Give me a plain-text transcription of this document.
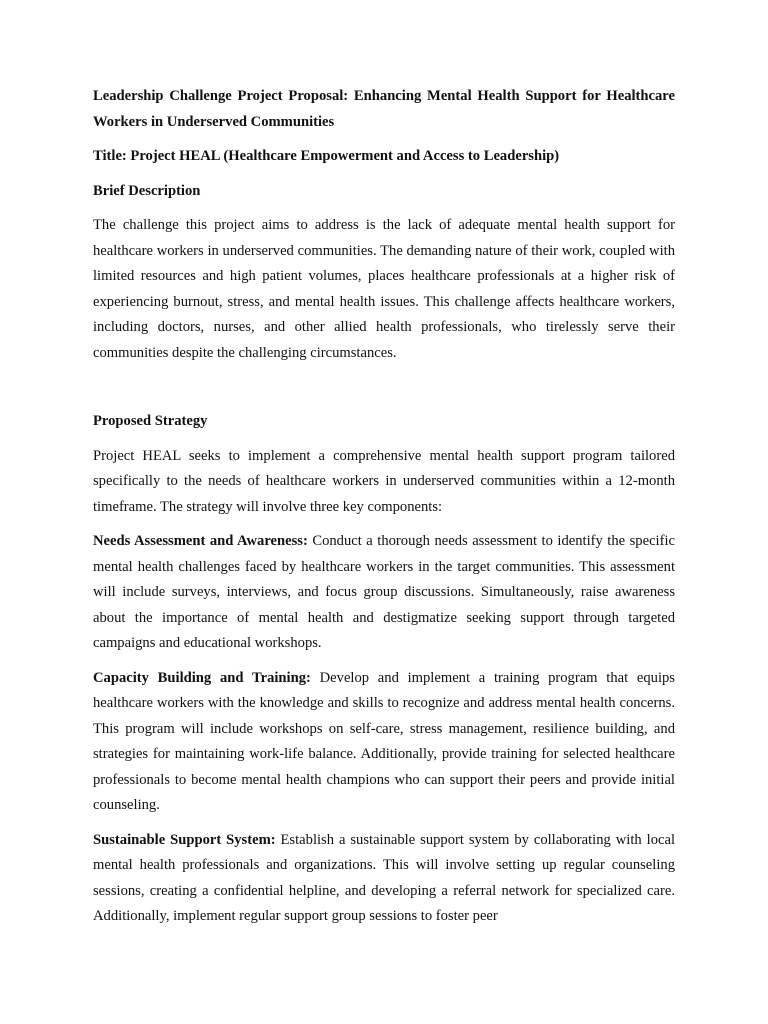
Leadership Challenge Project Proposal: Enhancing Mental Health Support for Healthcare Workers in Underserved Communities

Title: Project HEAL (Healthcare Empowerment and Access to Leadership)

Brief Description

The challenge this project aims to address is the lack of adequate mental health support for healthcare workers in underserved communities. The demanding nature of their work, coupled with limited resources and high patient volumes, places healthcare professionals at a higher risk of experiencing burnout, stress, and mental health issues. This challenge affects healthcare workers, including doctors, nurses, and other allied health professionals, who tirelessly serve their communities despite the challenging circumstances.

Proposed Strategy

Project HEAL seeks to implement a comprehensive mental health support program tailored specifically to the needs of healthcare workers in underserved communities within a 12-month timeframe. The strategy will involve three key components:

Needs Assessment and Awareness: Conduct a thorough needs assessment to identify the specific mental health challenges faced by healthcare workers in the target communities. This assessment will include surveys, interviews, and focus group discussions. Simultaneously, raise awareness about the importance of mental health and destigmatize seeking support through targeted campaigns and educational workshops.

Capacity Building and Training: Develop and implement a training program that equips healthcare workers with the knowledge and skills to recognize and address mental health concerns. This program will include workshops on self-care, stress management, resilience building, and strategies for maintaining work-life balance. Additionally, provide training for selected healthcare professionals to become mental health champions who can support their peers and provide initial counseling.

Sustainable Support System: Establish a sustainable support system by collaborating with local mental health professionals and organizations. This will involve setting up regular counseling sessions, creating a confidential helpline, and developing a referral network for specialized care. Additionally, implement regular support group sessions to foster peer
